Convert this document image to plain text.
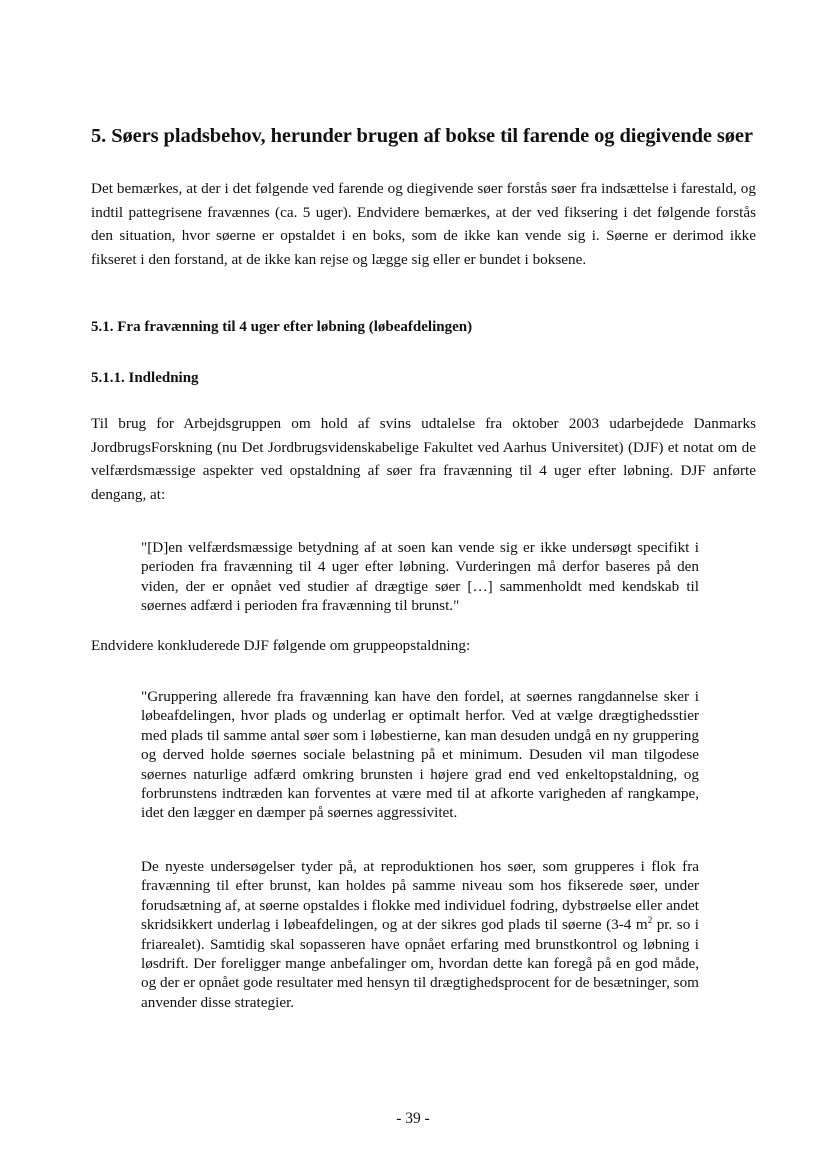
5. Søers pladsbehov, herunder brugen af bokse til farende og diegivende søer

Det bemærkes, at der i det følgende ved farende og diegivende søer forstås søer fra indsættelse i farestald, og indtil pattegrisene fravænnes (ca. 5 uger). Endvidere bemærkes, at der ved fiksering i det følgende forstås den situation, hvor søerne er opstaldet i en boks, som de ikke kan vende sig i. Søerne er derimod ikke fikseret i den forstand, at de ikke kan rejse og lægge sig eller er bundet i boksene.

5.1. Fra fravænning til 4 uger efter løbning (løbeafdelingen)
5.1.1. Indledning

Til brug for Arbejdsgruppen om hold af svins udtalelse fra oktober 2003 udarbejdede Danmarks JordbrugsForskning (nu Det Jordbrugsvidenskabelige Fakultet ved Aarhus Universitet) (DJF) et notat om de velfærdsmæssige aspekter ved opstaldning af søer fra fravænning til 4 uger efter løbning. DJF anførte dengang, at:

"[D]en velfærdsmæssige betydning af at soen kan vende sig er ikke undersøgt specifikt i perioden fra fravænning til 4 uger efter løbning. Vurderingen må derfor baseres på den viden, der er opnået ved studier af drægtige søer […] sammenholdt med kendskab til søernes adfærd i perioden fra fravænning til brunst."

Endvidere konkluderede DJF følgende om gruppeopstaldning:

"Gruppering allerede fra fravænning kan have den fordel, at søernes rangdannelse sker i løbeafdelingen, hvor plads og underlag er optimalt herfor. Ved at vælge drægtighedsstier med plads til samme antal søer som i løbestierne, kan man desuden undgå en ny gruppering og derved holde søernes sociale belastning på et minimum. Desuden vil man tilgodese søernes naturlige adfærd omkring brunsten i højere grad end ved enkeltopstaldning, og forbrunstens indtræden kan forventes at være med til at afkorte varigheden af rangkampe, idet den lægger en dæmper på søernes aggressivitet.

De nyeste undersøgelser tyder på, at reproduktionen hos søer, som grupperes i flok fra fravænning til efter brunst, kan holdes på samme niveau som hos fikserede søer, under forudsætning af, at søerne opstaldes i flokke med individuel fodring, dybstrøelse eller andet skridsikkert underlag i løbeafdelingen, og at der sikres god plads til søerne (3-4 $m^2$ pr. so i friarealet). Samtidig skal sopasseren have opnået erfaring med brunstkontrol og løbning i løsdrift. Der foreligger mange anbefalinger om, hvordan dette kan foregå på en god måde, og der er opnået gode resultater med hensyn til drægtighedsprocent for de besætninger, som anvender disse strategier.

- 39 -
